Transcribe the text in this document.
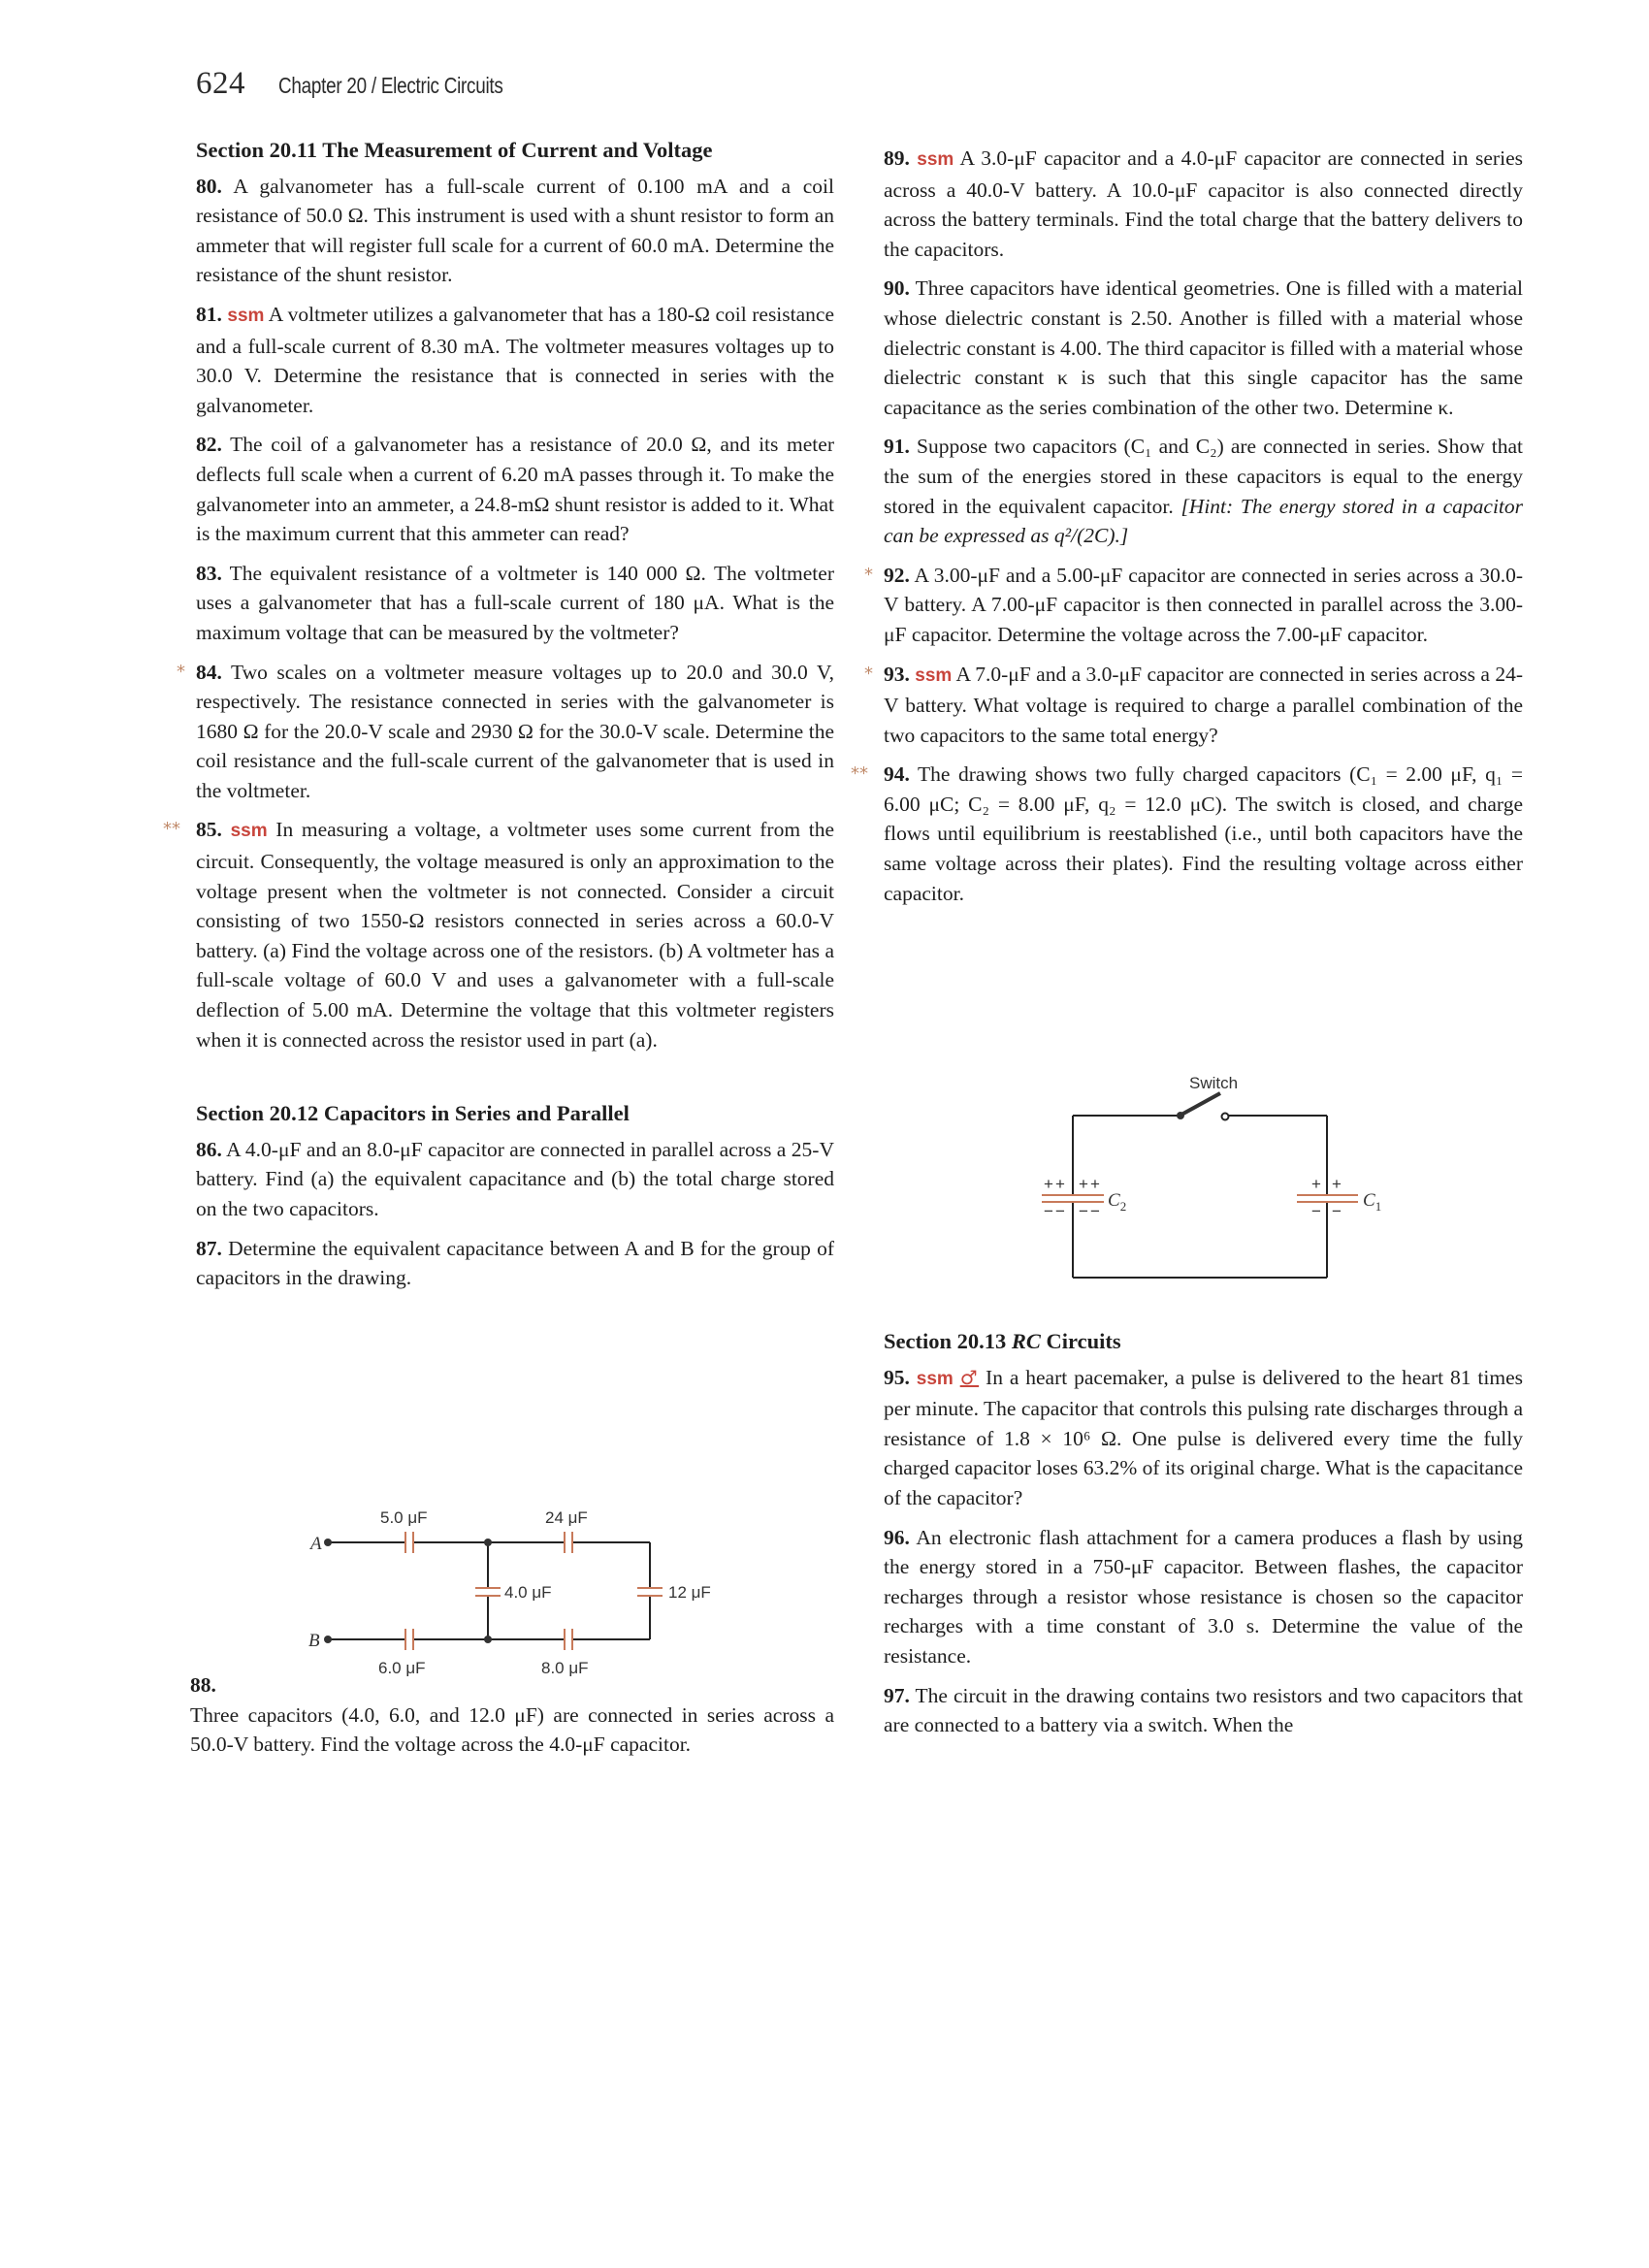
624 Chapter 20 / Electric Circuits
Section 20.11 The Measurement of Current and Voltage

80. A galvanometer has a full-scale current of 0.100 mA and a coil resistance of 50.0 Ω. This instrument is used with a shunt resistor to form an ammeter that will register full scale for a current of 60.0 mA. Determine the resistance of the shunt resistor.

81. ssm A voltmeter utilizes a galvanometer that has a 180-Ω coil resistance and a full-scale current of 8.30 mA. The voltmeter measures voltages up to 30.0 V. Determine the resistance that is connected in series with the galvanometer.

82. The coil of a galvanometer has a resistance of 20.0 Ω, and its meter deflects full scale when a current of 6.20 mA passes through it. To make the galvanometer into an ammeter, a 24.8-mΩ shunt resistor is added to it. What is the maximum current that this ammeter can read?

83. The equivalent resistance of a voltmeter is 140 000 Ω. The voltmeter uses a galvanometer that has a full-scale current of 180 μA. What is the maximum voltage that can be measured by the voltmeter?

* 84. Two scales on a voltmeter measure voltages up to 20.0 and 30.0 V, respectively. The resistance connected in series with the galvanometer is 1680 Ω for the 20.0-V scale and 2930 Ω for the 30.0-V scale. Determine the coil resistance and the full-scale current of the galvanometer that is used in the voltmeter.

** 85. ssm In measuring a voltage, a voltmeter uses some current from the circuit. Consequently, the voltage measured is only an approximation to the voltage present when the voltmeter is not connected. Consider a circuit consisting of two 1550-Ω resistors connected in series across a 60.0-V battery. (a) Find the voltage across one of the resistors. (b) A voltmeter has a full-scale voltage of 60.0 V and uses a galvanometer with a full-scale deflection of 5.00 mA. Determine the voltage that this voltmeter registers when it is connected across the resistor used in part (a).

Section 20.12 Capacitors in Series and Parallel

86. A 4.0-μF and an 8.0-μF capacitor are connected in parallel across a 25-V battery. Find (a) the equivalent capacitance and (b) the total charge stored on the two capacitors.

87. Determine the equivalent capacitance between A and B for the group of capacitors in the drawing.

A
B
5.0 μF	24 μF
4.0 μF	12 μF
6.0 μF	8.0 μF
88.
Three capacitors (4.0, 6.0, and 12.0 μF) are connected in series across a 50.0-V battery. Find the voltage across the 4.0-μF capacitor.

89. ssm A 3.0-μF capacitor and a 4.0-μF capacitor are connected in series across a 40.0-V battery. A 10.0-μF capacitor is also connected directly across the battery terminals. Find the total charge that the battery delivers to the capacitors.

90. Three capacitors have identical geometries. One is filled with a material whose dielectric constant is 2.50. Another is filled with a material whose dielectric constant is 4.00. The third capacitor is filled with a material whose dielectric constant κ is such that this single capacitor has the same capacitance as the series combination of the other two. Determine κ.

91. Suppose two capacitors (C₁ and C₂) are connected in series. Show that the sum of the energies stored in these capacitors is equal to the energy stored in the equivalent capacitor. [Hint: The energy stored in a capacitor can be expressed as q²/(2C).]

* 92. A 3.00-μF and a 5.00-μF capacitor are connected in series across a 30.0-V battery. A 7.00-μF capacitor is then connected in parallel across the 3.00-μF capacitor. Determine the voltage across the 7.00-μF capacitor.

* 93. ssm A 7.0-μF and a 3.0-μF capacitor are connected in series across a 24-V battery. What voltage is required to charge a parallel combination of the two capacitors to the same total energy?

** 94. The drawing shows two fully charged capacitors (C₁ = 2.00 μF, q₁ = 6.00 μC; C₂ = 8.00 μF, q₂ = 12.0 μC). The switch is closed, and charge flows until equilibrium is reestablished (i.e., until both capacitors have the same voltage across their plates). Find the resulting voltage across either capacitor.

Switch
+ + + +
− − − −
+ +
− −
$C_2$	$C_1$
Section 20.13 RC Circuits

95. ssm ♂ In a heart pacemaker, a pulse is delivered to the heart 81 times per minute. The capacitor that controls this pulsing rate discharges through a resistance of 1.8 × 10⁶ Ω. One pulse is delivered every time the fully charged capacitor loses 63.2% of its original charge. What is the capacitance of the capacitor?

96. An electronic flash attachment for a camera produces a flash by using the energy stored in a 750-μF capacitor. Between flashes, the capacitor recharges through a resistor whose resistance is chosen so the capacitor recharges with a time constant of 3.0 s. Determine the value of the resistance.

97. The circuit in the drawing contains two resistors and two capacitors that are connected to a battery via a switch. When the
